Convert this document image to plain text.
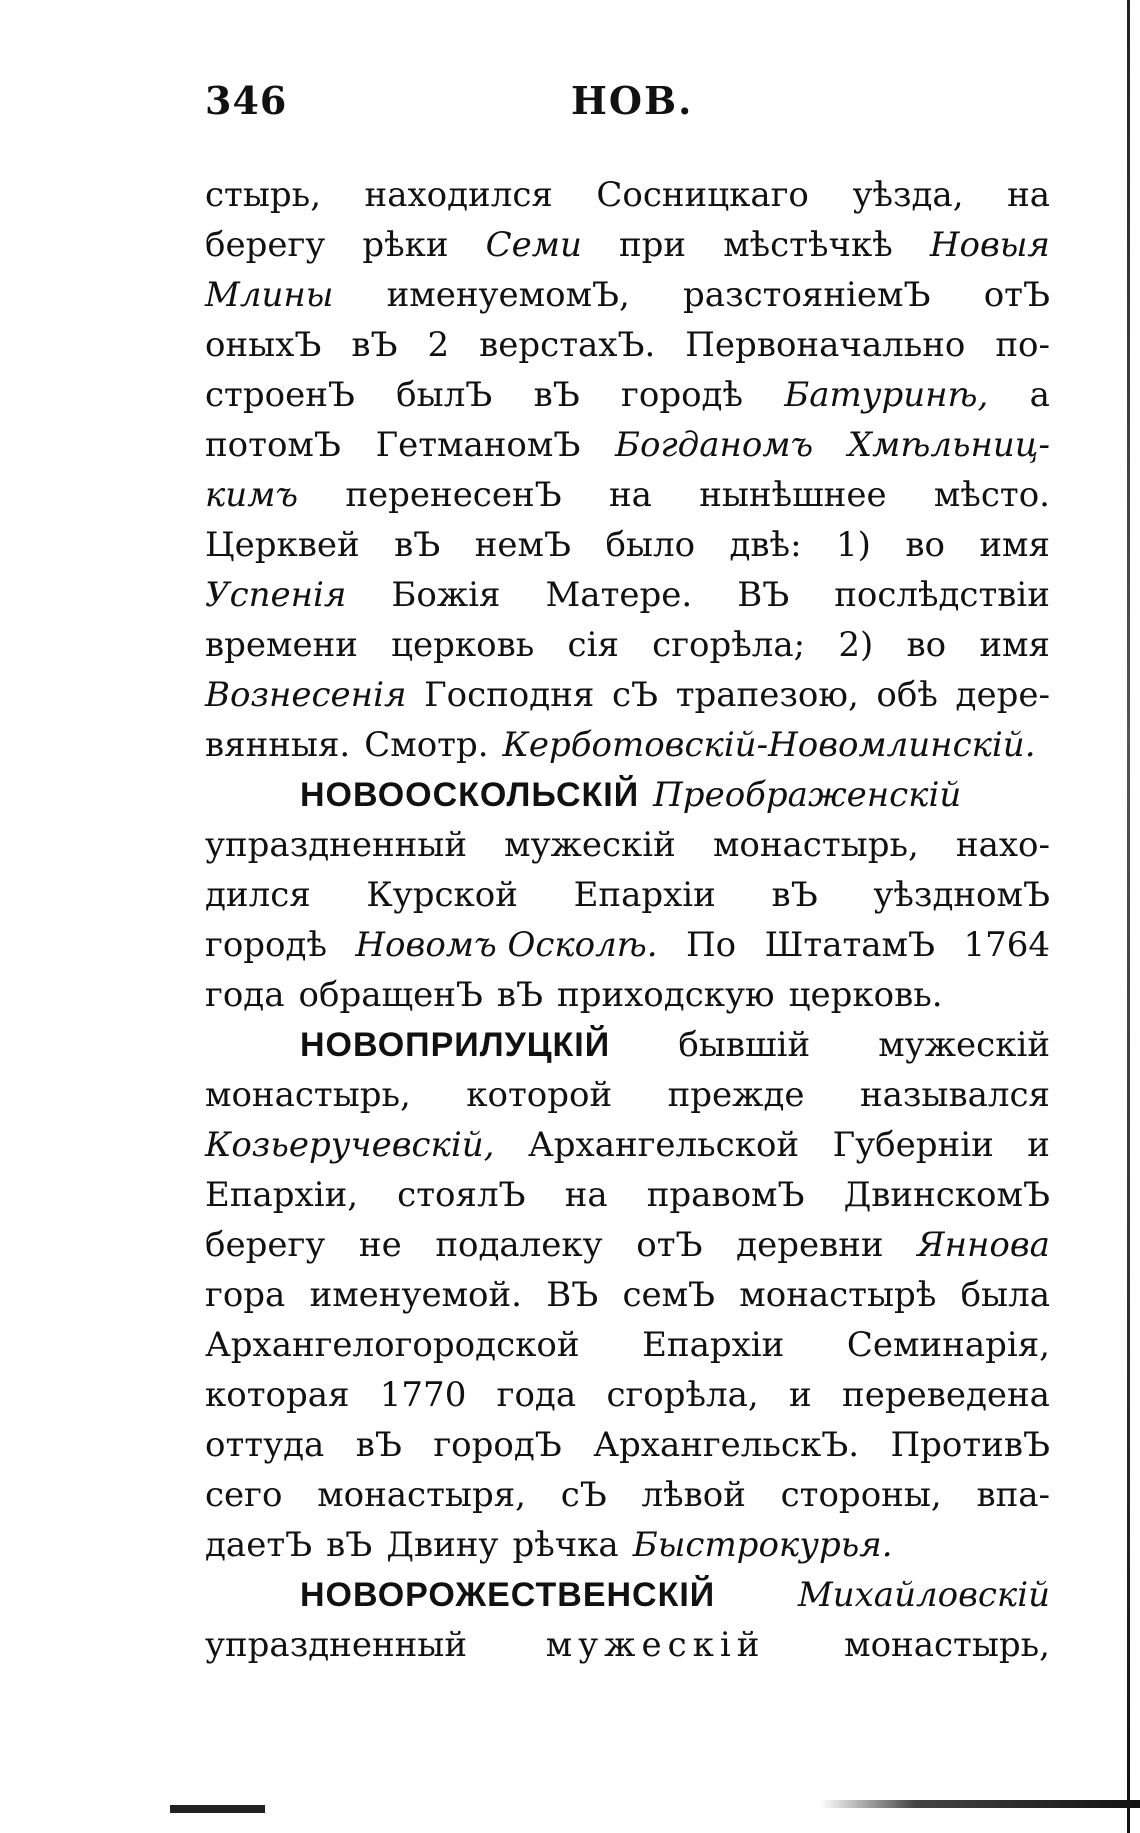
346	НОВ.
стырь, находился Сосницкаго уѣзда, на
берегу рѣки Семи при мѣстѣчкѣ Новыя
Млины именуемомЪ, разстояніемЪ отЪ
оныхЪ вЪ 2 верстахЪ. Первоначально по-
строенЪ былЪ вЪ городѣ Батуринѣ, а
потомЪ ГетманомЪ Богданомъ Хмѣльниц-
кимъ перенесенЪ на нынѣшнее мѣсто.
Церквей вЪ немЪ было двѣ: 1) во имя
Успенія Божія Матере. ВЪ послѣдствіи
времени церковь сія сгорѣла; 2) во имя
Вознесенія Господня сЪ трапезою, обѣ дере-
вянныя. Смотр. Керботовскій-Новомлинскій.
НОВООСКОЛЬСКІЙ Преображенскій
упраздненный мужескій монастырь, нахо-
дился Курской Епархіи вЪ уѣздномЪ
городѣ Новомъ Осколѣ. По ШтатамЪ 1764
года обращенЪ вЪ приходскую церковь.
НОВОПРИЛУЦКІЙ бывшій мужескій
монастырь, которой прежде назывался
Козьеручевскій, Архангельской Губерніи и
Епархіи, стоялЪ на правомЪ ДвинскомЪ
берегу не подалеку отЪ деревни Яннова
гора именуемой. ВЪ семЪ монастырѣ была
Архангелогородской Епархіи Семинарія,
которая 1770 года сгорѣла, и переведена
оттуда вЪ городЪ АрхангельскЪ. ПротивЪ
сего монастыря, сЪ лѣвой стороны, впа-
даетЪ вЪ Двину рѣчка Быстрокурья.
НОВОРОЖЕСТВЕНСКІЙ Михайловскій
упраздненный мужескій монастырь,
